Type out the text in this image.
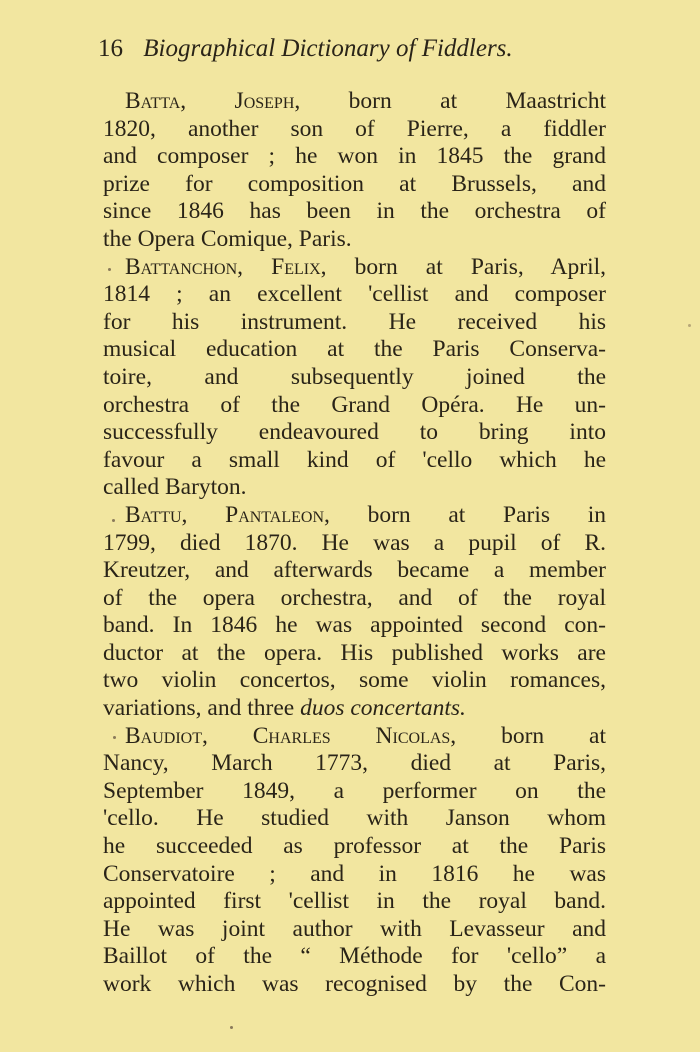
16 Biographical Dictionary of Fiddlers.
Batta, Joseph, born at Maastricht
1820, another son of Pierre, a fiddler
and composer ; he won in 1845 the grand
prize for composition at Brussels, and
since 1846 has been in the orchestra of
the Opera Comique, Paris.
Battanchon, Felix, born at Paris, April,
1814 ; an excellent 'cellist and composer
for his instrument. He received his
musical education at the Paris Conserva-
toire, and subsequently joined the
orchestra of the Grand Opéra. He un-
successfully endeavoured to bring into
favour a small kind of 'cello which he
called Baryton.
Battu, Pantaleon, born at Paris in
1799, died 1870. He was a pupil of R.
Kreutzer, and afterwards became a member
of the opera orchestra, and of the royal
band. In 1846 he was appointed second con-
ductor at the opera. His published works are
two violin concertos, some violin romances,
variations, and three duos concertants.
Baudiot, Charles Nicolas, born at
Nancy, March 1773, died at Paris,
September 1849, a performer on the
'cello. He studied with Janson whom
he succeeded as professor at the Paris
Conservatoire ; and in 1816 he was
appointed first 'cellist in the royal band.
He was joint author with Levasseur and
Baillot of the “ Méthode for 'cello” a
work which was recognised by the Con-
